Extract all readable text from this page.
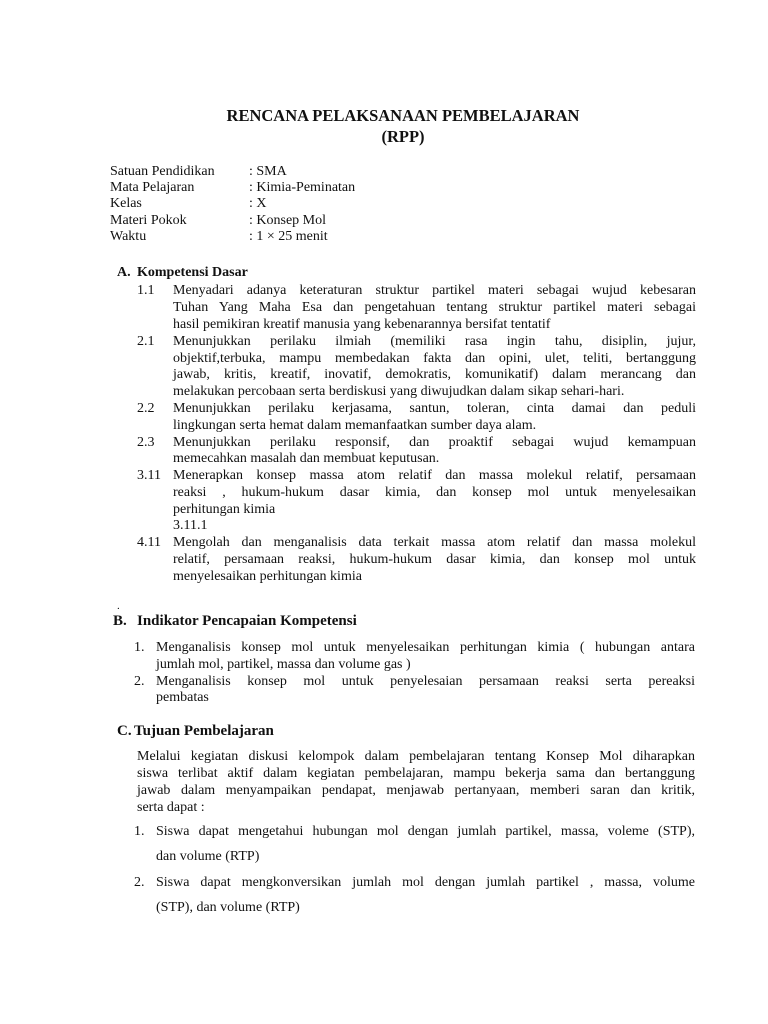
RENCANA PELAKSANAAN PEMBELAJARAN
(RPP)
Satuan Pendidikan : SMA
Mata Pelajaran	: Kimia-Peminatan
Kelas	: X
Materi Pokok	: Konsep Mol
Waktu	: 1 × 25 menit
A. Kompetensi Dasar
1.1 Menyadari adanya keteraturan struktur partikel materi sebagai wujud kebesaran
Tuhan Yang Maha Esa dan pengetahuan tentang struktur partikel materi sebagai
hasil pemikiran kreatif manusia yang kebenarannya bersifat tentatif
2.1 Menunjukkan perilaku ilmiah (memiliki rasa ingin tahu, disiplin, jujur,
objektif,terbuka, mampu membedakan fakta dan opini, ulet, teliti, bertanggung
jawab, kritis, kreatif, inovatif, demokratis, komunikatif) dalam merancang dan
melakukan percobaan serta berdiskusi yang diwujudkan dalam sikap sehari-hari.
2.2 Menunjukkan perilaku kerjasama, santun, toleran, cinta damai dan peduli
lingkungan serta hemat dalam memanfaatkan sumber daya alam.
2.3 Menunjukkan perilaku responsif, dan proaktif sebagai wujud kemampuan
memecahkan masalah dan membuat keputusan.
3.11 Menerapkan konsep massa atom relatif dan massa molekul relatif, persamaan
reaksi , hukum-hukum dasar kimia, dan konsep mol untuk menyelesaikan
perhitungan kimia
3.11.1
4.11 Mengolah dan menganalisis data terkait massa atom relatif dan massa molekul
relatif, persamaan reaksi, hukum-hukum dasar kimia, dan konsep mol untuk
menyelesaikan perhitungan kimia
.
B. Indikator Pencapaian Kompetensi
1. Menganalisis konsep mol untuk menyelesaikan perhitungan kimia ( hubungan antara
jumlah mol, partikel, massa dan volume gas )
2. Menganalisis konsep mol untuk penyelesaian persamaan reaksi serta pereaksi
pembatas
C. Tujuan Pembelajaran
Melalui kegiatan diskusi kelompok dalam pembelajaran tentang Konsep Mol diharapkan
siswa terlibat aktif dalam kegiatan pembelajaran, mampu bekerja sama dan bertanggung
jawab dalam menyampaikan pendapat, menjawab pertanyaan, memberi saran dan kritik,
serta dapat :
1. Siswa dapat mengetahui hubungan mol dengan jumlah partikel, massa, voleme (STP),
dan volume (RTP)
2. Siswa dapat mengkonversikan jumlah mol dengan jumlah partikel , massa, volume
(STP), dan volume (RTP)
